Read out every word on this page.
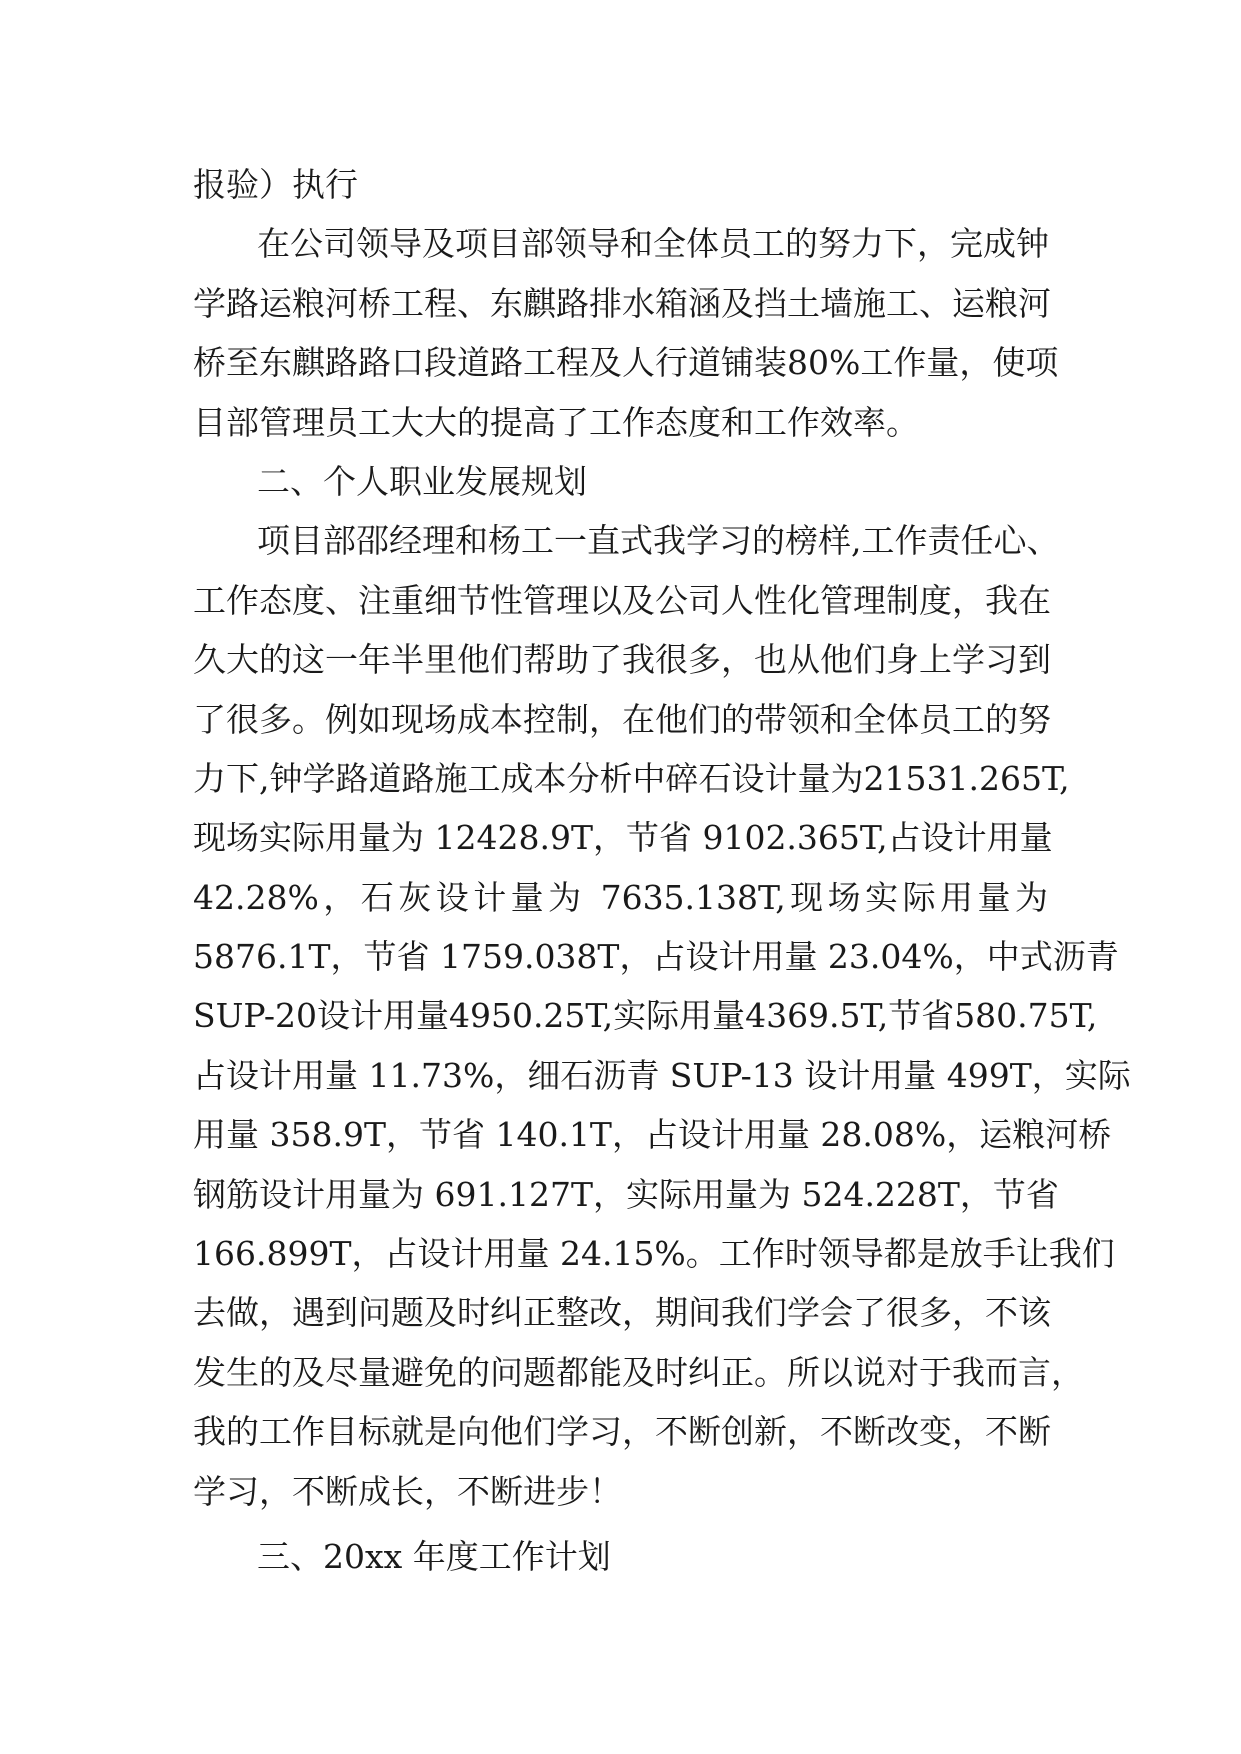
报验）执行
在公司领导及项目部领导和全体员工的努力下，完成钟
学路运粮河桥工程、东麒路排水箱涵及挡土墙施工、运粮河
桥至东麒路路口段道路工程及人行道铺装80%工作量，使项
目部管理员工大大的提高了工作态度和工作效率。
二、个人职业发展规划
项目部邵经理和杨工一直式我学习的榜样,工作责任心、
工作态度、注重细节性管理以及公司人性化管理制度，我在
久大的这一年半里他们帮助了我很多，也从他们身上学习到
了很多。例如现场成本控制，在他们的带领和全体员工的努
力下,钟学路道路施工成本分析中碎石设计量为21531.265T,
现场实际用量为 12428.9T，节省 9102.365T,占设计用量
42.28%，石灰设计量为 7635.138T,现场实际用量为
5876.1T，节省 1759.038T，占设计用量 23.04%，中式沥青
SUP-20设计用量4950.25T,实际用量4369.5T,节省580.75T,
占设计用量 11.73%，细石沥青 SUP-13 设计用量 499T，实际
用量 358.9T，节省 140.1T，占设计用量 28.08%，运粮河桥
钢筋设计用量为 691.127T，实际用量为 524.228T，节省
166.899T，占设计用量 24.15%。工作时领导都是放手让我们
去做，遇到问题及时纠正整改，期间我们学会了很多，不该
发生的及尽量避免的问题都能及时纠正。所以说对于我而言，
我的工作目标就是向他们学习，不断创新，不断改变，不断
学习，不断成长，不断进步！
三、20xx 年度工作计划
